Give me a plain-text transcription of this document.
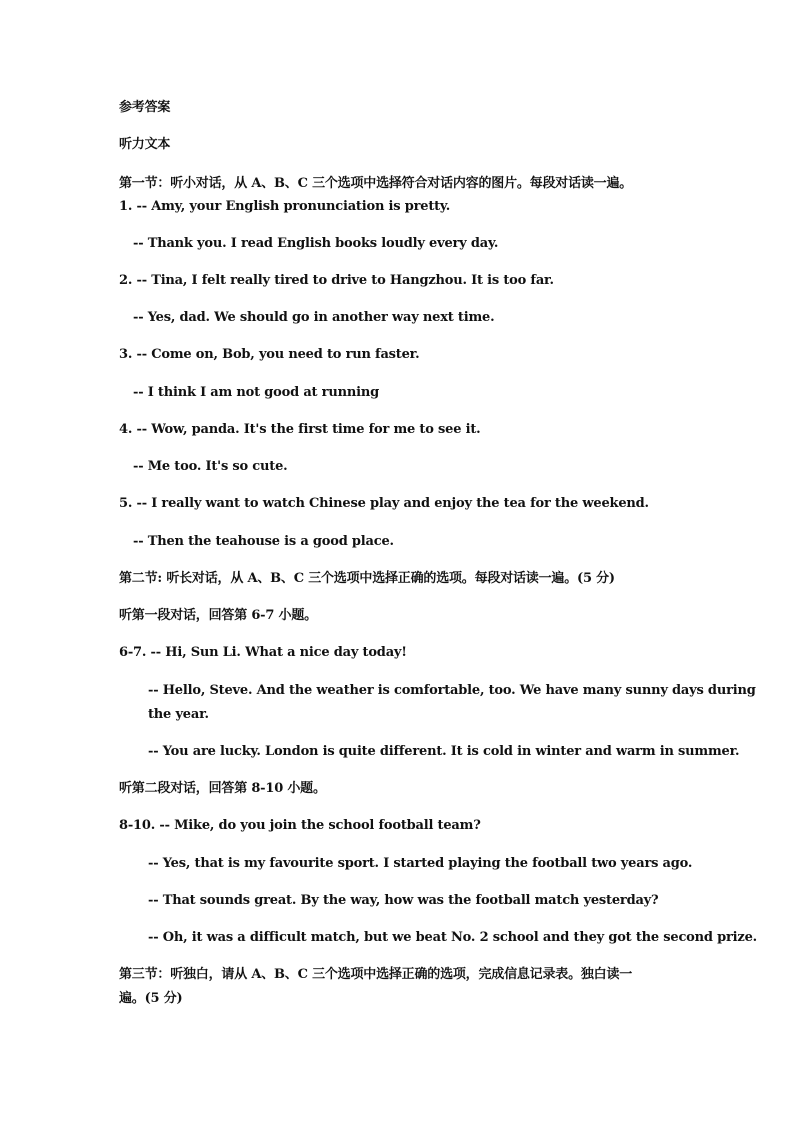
参考答案
听力文本
第一节：听小对话，从 A、B、C 三个选项中选择符合对话内容的图片。每段对话读一遍。
1. -- Amy, your English pronunciation is pretty.
-- Thank you. I read English books loudly every day.
2. -- Tina, I felt really tired to drive to Hangzhou. It is too far.
-- Yes, dad. We should go in another way next time.
3. -- Come on, Bob, you need to run faster.
-- I think I am not good at running
4. -- Wow, panda. It's the first time for me to see it.
-- Me too. It's so cute.
5. -- I really want to watch Chinese play and enjoy the tea for the weekend.
-- Then the teahouse is a good place.
第二节: 听长对话，从 A、B、C 三个选项中选择正确的选项。每段对话读一遍。(5 分)
听第一段对话，回答第 6-7 小题。
6-7. -- Hi, Sun Li. What a nice day today!
-- Hello, Steve. And the weather is comfortable, too. We have many sunny days during
the year.
-- You are lucky. London is quite different. It is cold in winter and warm in summer.
听第二段对话，回答第 8-10 小题。
8-10. -- Mike, do you join the school football team?
-- Yes, that is my favourite sport. I started playing the football two years ago.
-- That sounds great. By the way, how was the football match yesterday?
-- Oh, it was a difficult match, but we beat No. 2 school and they got the second prize.
第三节：听独白，请从 A、B、C 三个选项中选择正确的选项，完成信息记录表。独白读一
遍。(5 分)
